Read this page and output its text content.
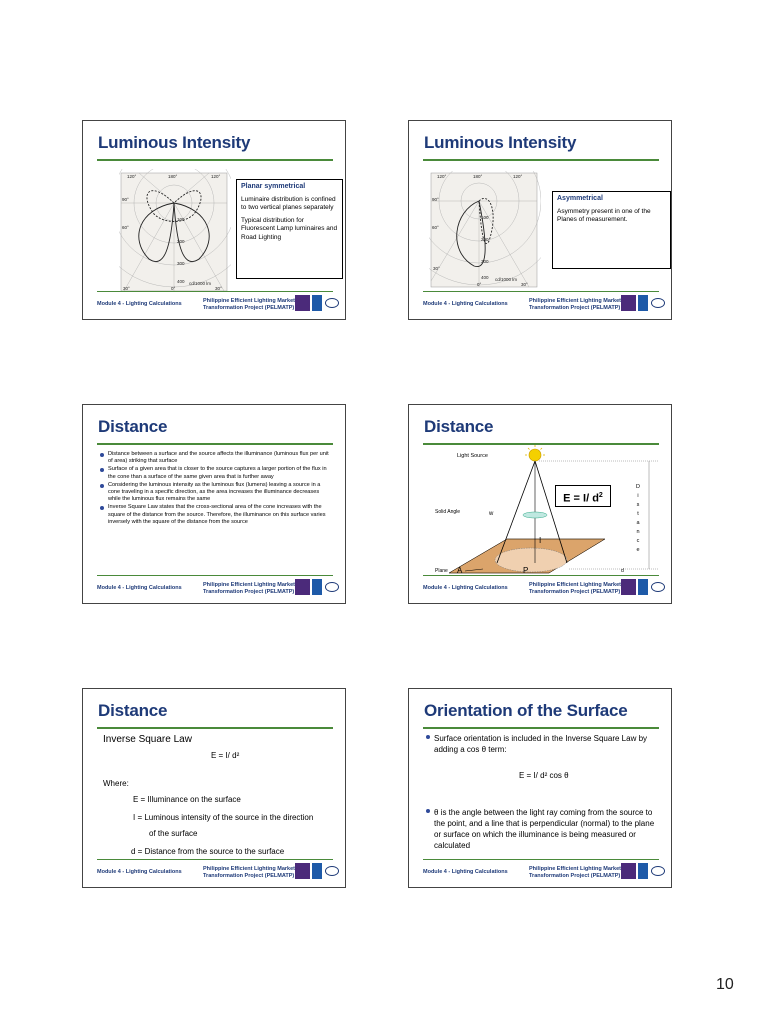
Luminous Intensity
120°	180°	120°
90°
60°
100
200
300
400 cd/1000 lm
30°	0°	30°
Planar symmetrical

Luminaire distribution is confined to two vertical planes separately

Typical distribution for Fluorescent Lamp luminaires and Road Lighting

Module 4 - Lighting Calculations	Philippine Efficient Lighting Market
Transformation Project (PELMATP)
Luminous Intensity
120°	180°	120°
90°
60°
100
200
300
400 cd/1000 lm
30°
0°	30°
Asymmetrical

Asymmetry present in one of the Planes of measurement.

Module 4 - Lighting Calculations	Philippine Efficient Lighting Market
Transformation Project (PELMATP)
Distance
Distance between a surface and the source affects the illuminance (luminous flux per unit of area) striking that surface
Surface of a given area that is closer to the source captures a larger portion of the flux in the cone than a surface of the same given area that is further away
Considering the luminous intensity as the luminous flux (lumens) leaving a source in a cone traveling in a specific direction, as the area increases the illuminance decreases while the luminous flux remains the same
Inverse Square Law states that the cross-sectional area of the cone increases with the square of the distance from the source. Therefore, the illuminance on this surface varies inversely with the square of the distance from the source
Module 4 - Lighting Calculations	Philippine Efficient Lighting Market
Transformation Project (PELMATP)
Distance
Light Source
Solid Angle	w
I
Plane A	P	d
E = I/ $d^2$
D
i
s
t
a
n
c
e
Module 4 - Lighting Calculations	Philippine Efficient Lighting Market
Transformation Project (PELMATP)
Distance
Inverse Square Law
E = I/ d²
Where:
E = Illuminance on the surface
I = Luminous intensity of the source in the direction
of the surface
d = Distance from the source to the surface
Module 4 - Lighting Calculations	Philippine Efficient Lighting Market
Transformation Project (PELMATP)
Orientation of the Surface
Surface orientation is included in the Inverse Square Law by adding a cos θ term:
E = I/ d² cos θ
θ is the angle between the light ray coming from the source to the point, and a line that is perpendicular (normal) to the plane or surface on which the illuminance is being measured or calculated
Module 4 - Lighting Calculations	Philippine Efficient Lighting Market
Transformation Project (PELMATP)
10
